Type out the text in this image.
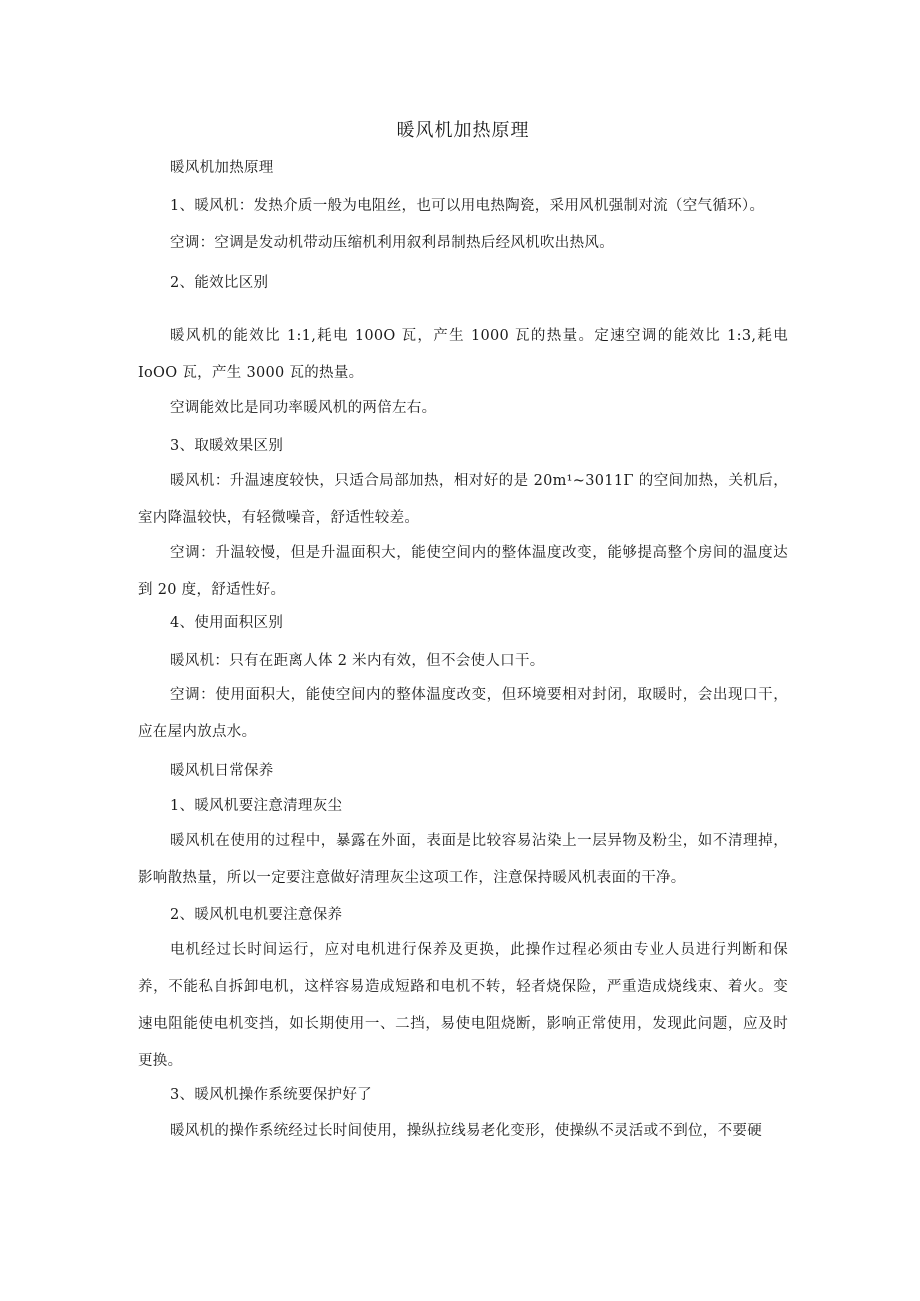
暖风机加热原理

暖风机加热原理

1、暖风机：发热介质一般为电阻丝，也可以用电热陶瓷，采用风机强制对流（空气循环）。

空调：空调是发动机带动压缩机利用叙利昂制热后经风机吹出热风。

2、能效比区别

暖风机的能效比 1:1,耗电 100O 瓦，产生 1000 瓦的热量。定速空调的能效比 1:3,耗电 IoOO 瓦，产生 3000 瓦的热量。

空调能效比是同功率暖风机的两倍左右。

3、取暖效果区别

暖风机：升温速度较快，只适合局部加热，相对好的是 20m¹~3011Γ 的空间加热，关机后，室内降温较快，有轻微噪音，舒适性较差。

空调：升温较慢，但是升温面积大，能使空间内的整体温度改变，能够提高整个房间的温度达到 20 度，舒适性好。

4、使用面积区别

暖风机：只有在距离人体 2 米内有效，但不会使人口干。

空调：使用面积大，能使空间内的整体温度改变，但环境要相对封闭，取暖时，会出现口干，应在屋内放点水。

暖风机日常保养

1、暖风机要注意清理灰尘

暖风机在使用的过程中，暴露在外面，表面是比较容易沾染上一层异物及粉尘，如不清理掉，影响散热量，所以一定要注意做好清理灰尘这项工作，注意保持暖风机表面的干净。

2、暖风机电机要注意保养

电机经过长时间运行，应对电机进行保养及更换，此操作过程必须由专业人员进行判断和保养，不能私自拆卸电机，这样容易造成短路和电机不转，轻者烧保险，严重造成烧线束、着火。变速电阻能使电机变挡，如长期使用一、二挡，易使电阻烧断，影响正常使用，发现此问题，应及时更换。

3、暖风机操作系统要保护好了

暖风机的操作系统经过长时间使用，操纵拉线易老化变形，使操纵不灵活或不到位，不要硬
